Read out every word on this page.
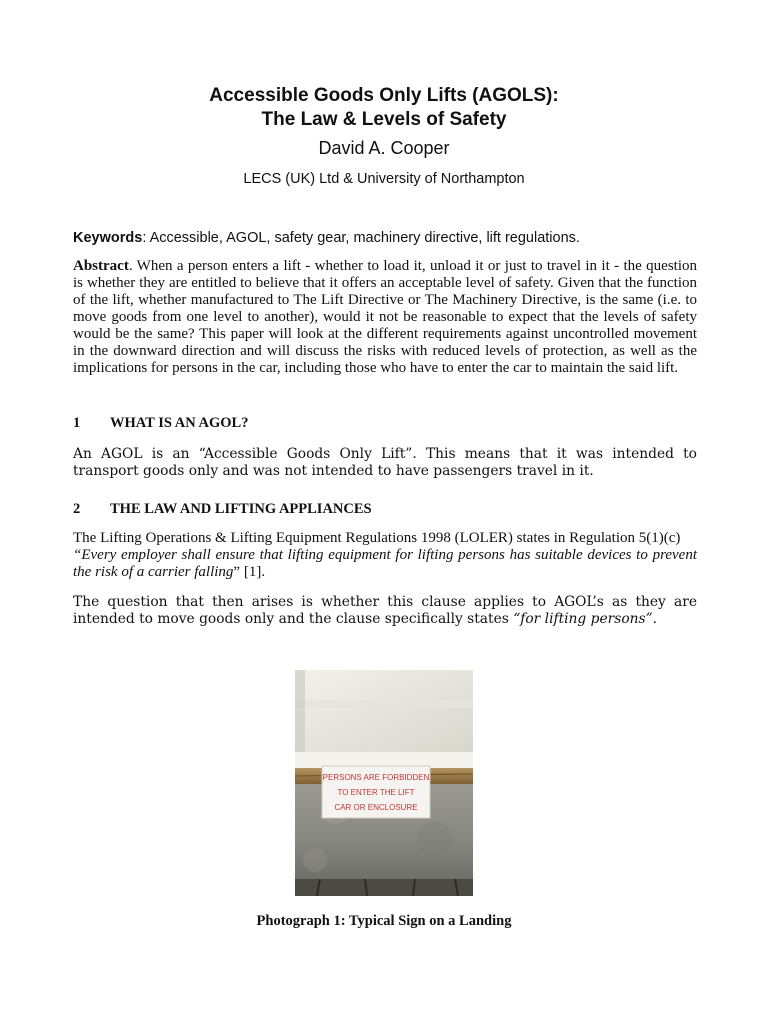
Accessible Goods Only Lifts (AGOLS):
The Law & Levels of Safety
David A. Cooper
LECS (UK) Ltd & University of Northampton
Keywords: Accessible, AGOL, safety gear, machinery directive, lift regulations.
Abstract. When a person enters a lift - whether to load it, unload it or just to travel in it - the question is whether they are entitled to believe that it offers an acceptable level of safety. Given that the function of the lift, whether manufactured to The Lift Directive or The Machinery Directive, is the same (i.e. to move goods from one level to another), would it not be reasonable to expect that the levels of safety would be the same? This paper will look at the different requirements against uncontrolled movement in the downward direction and will discuss the risks with reduced levels of protection, as well as the implications for persons in the car, including those who have to enter the car to maintain the said lift.
1 WHAT IS AN AGOL?
An AGOL is an “Accessible Goods Only Lift”. This means that it was intended to transport goods only and was not intended to have passengers travel in it.
2 THE LAW AND LIFTING APPLIANCES
The Lifting Operations & Lifting Equipment Regulations 1998 (LOLER) states in Regulation 5(1)(c)
“Every employer shall ensure that lifting equipment for lifting persons has suitable devices to prevent the risk of a carrier falling” [1].
The question that then arises is whether this clause applies to AGOL’s as they are intended to move goods only and the clause specifically states “for lifting persons”.
PERSONS ARE FORBIDDEN
TO ENTER THE LIFT
CAR OR ENCLOSURE
Photograph 1: Typical Sign on a Landing
